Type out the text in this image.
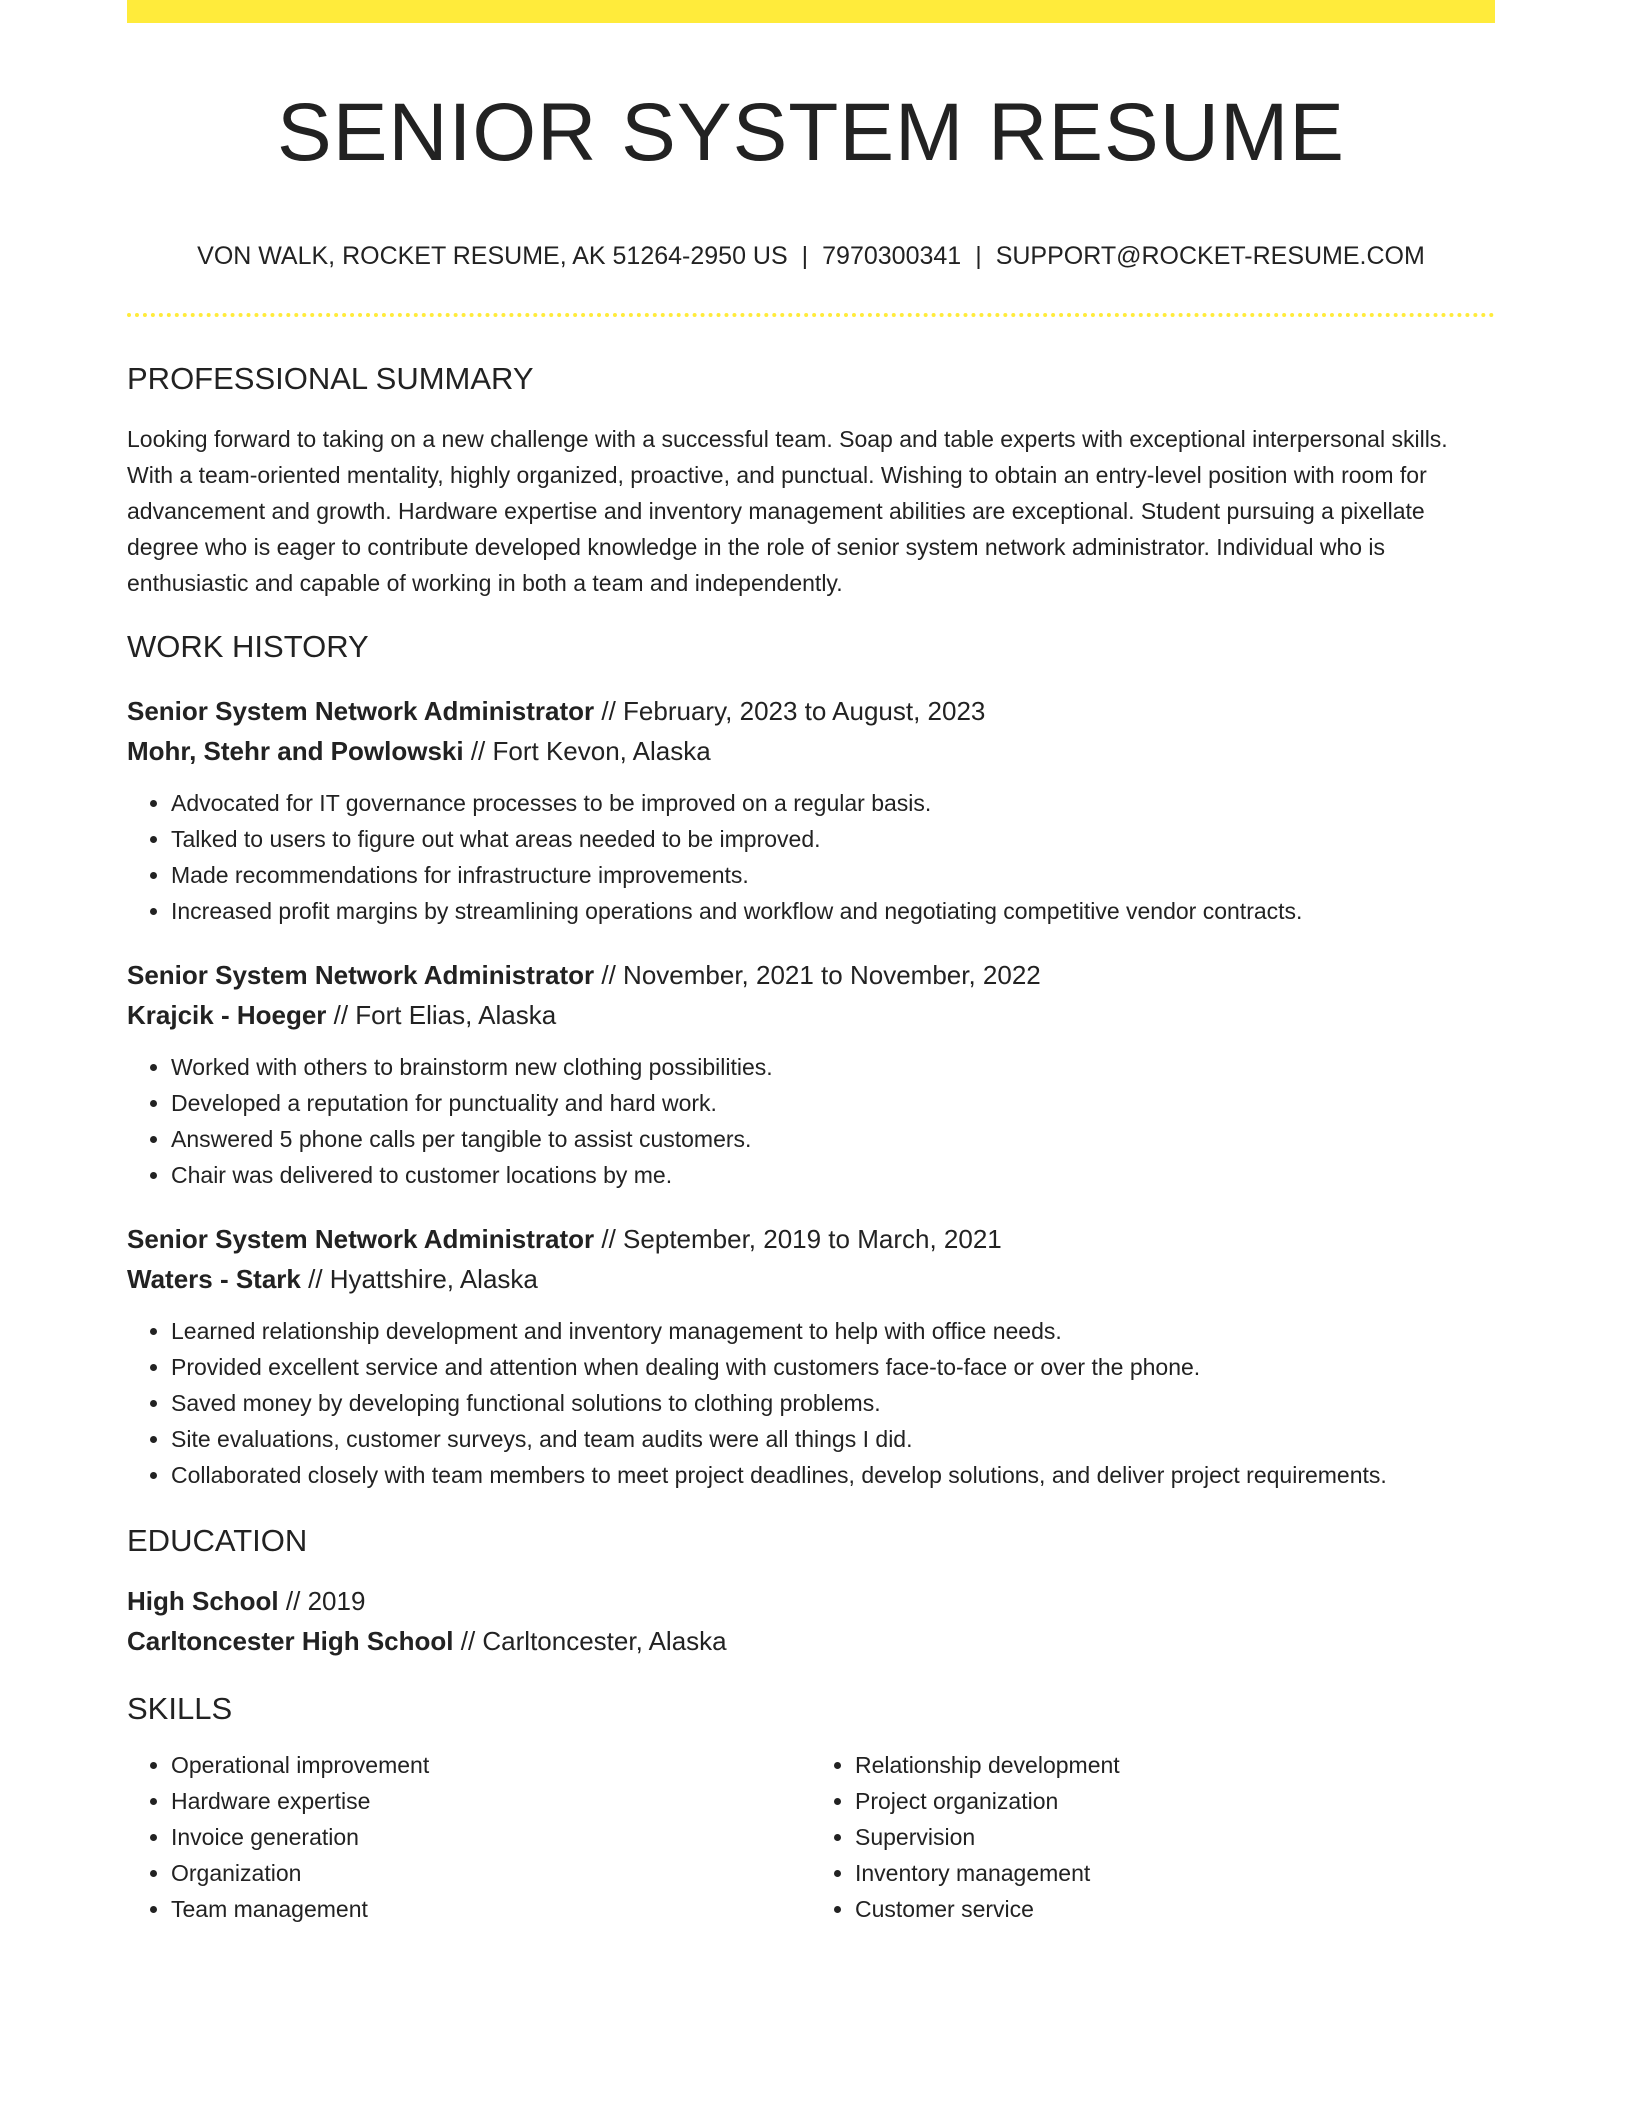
SENIOR SYSTEM RESUME
VON WALK, ROCKET RESUME, AK 51264-2950 US | 7970300341 | SUPPORT@ROCKET-RESUME.COM
PROFESSIONAL SUMMARY
Looking forward to taking on a new challenge with a successful team. Soap and table experts with exceptional interpersonal skills. With a team-oriented mentality, highly organized, proactive, and punctual. Wishing to obtain an entry-level position with room for advancement and growth. Hardware expertise and inventory management abilities are exceptional. Student pursuing a pixellate degree who is eager to contribute developed knowledge in the role of senior system network administrator. Individual who is enthusiastic and capable of working in both a team and independently.
WORK HISTORY
Senior System Network Administrator // February, 2023 to August, 2023
Mohr, Stehr and Powlowski // Fort Kevon, Alaska
• Advocated for IT governance processes to be improved on a regular basis.
• Talked to users to figure out what areas needed to be improved.
• Made recommendations for infrastructure improvements.
• Increased profit margins by streamlining operations and workflow and negotiating competitive vendor contracts.
Senior System Network Administrator // November, 2021 to November, 2022
Krajcik - Hoeger // Fort Elias, Alaska
• Worked with others to brainstorm new clothing possibilities.
• Developed a reputation for punctuality and hard work.
• Answered 5 phone calls per tangible to assist customers.
• Chair was delivered to customer locations by me.
Senior System Network Administrator // September, 2019 to March, 2021
Waters - Stark // Hyattshire, Alaska
• Learned relationship development and inventory management to help with office needs.
• Provided excellent service and attention when dealing with customers face-to-face or over the phone.
• Saved money by developing functional solutions to clothing problems.
• Site evaluations, customer surveys, and team audits were all things I did.
• Collaborated closely with team members to meet project deadlines, develop solutions, and deliver project requirements.
EDUCATION
High School // 2019
Carltoncester High School // Carltoncester, Alaska
SKILLS
• Operational improvement
• Hardware expertise
• Invoice generation
• Organization
• Team management
• Relationship development
• Project organization
• Supervision
• Inventory management
• Customer service
